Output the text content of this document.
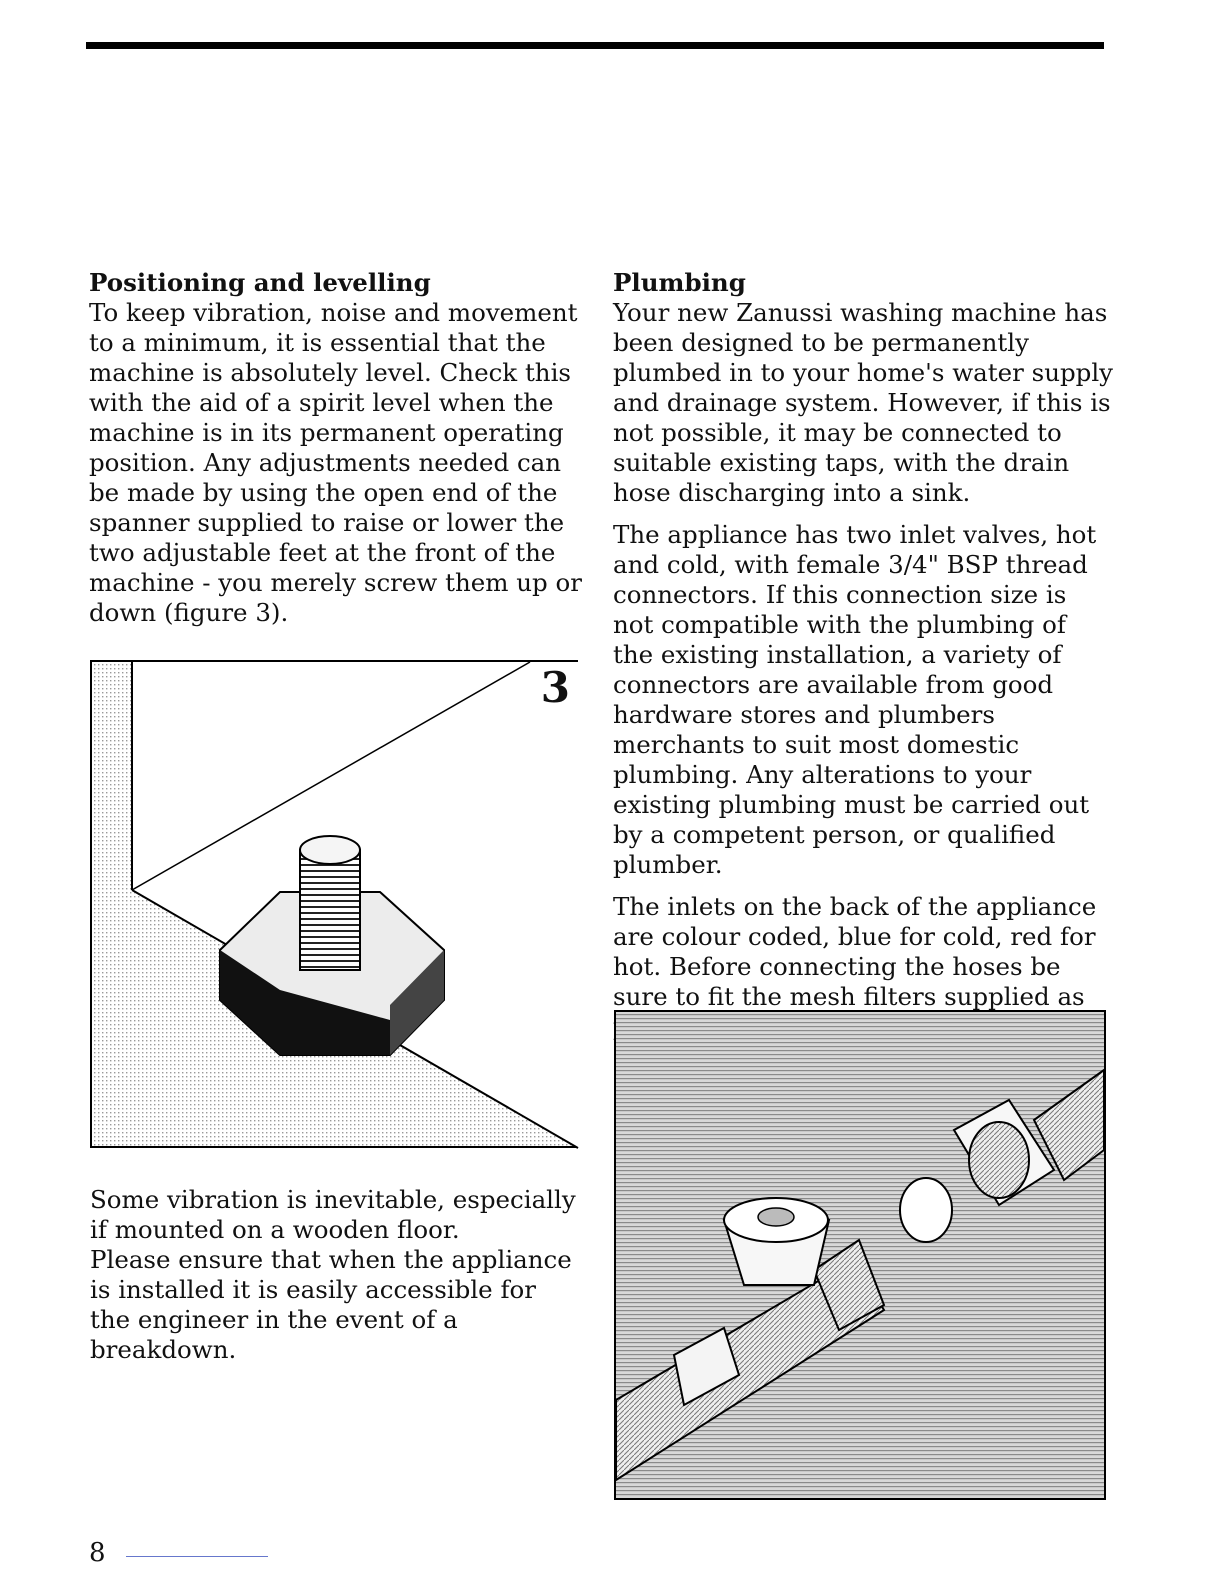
Positioning and levelling

To keep vibration, noise and movement to a minimum, it is essential that the machine is absolutely level. Check this with the aid of a spirit level when the machine is in its permanent operating position. Any adjustments needed can be made by using the open end of the spanner supplied to raise or lower the two adjustable feet at the front of the machine - you merely screw them up or down (figure 3).

3

Some vibration is inevitable, especially if mounted on a wooden floor.

Please ensure that when the appliance is installed it is easily accessible for the engineer in the event of a breakdown.

Plumbing

Your new Zanussi washing machine has been designed to be permanently plumbed in to your home's water supply and drainage system. However, if this is not possible, it may be connected to suitable existing taps, with the drain hose discharging into a sink.

The appliance has two inlet valves, hot and cold, with female 3/4" BSP thread connectors. If this connection size is not compatible with the plumbing of the existing installation, a variety of connectors are available from good hardware stores and plumbers merchants to suit most domestic plumbing. Any alterations to your existing plumbing must be carried out by a competent person, or qualified plumber.

The inlets on the back of the appliance are colour coded, blue for cold, red for hot. Before connecting the hoses be sure to fit the mesh filters supplied as

8
